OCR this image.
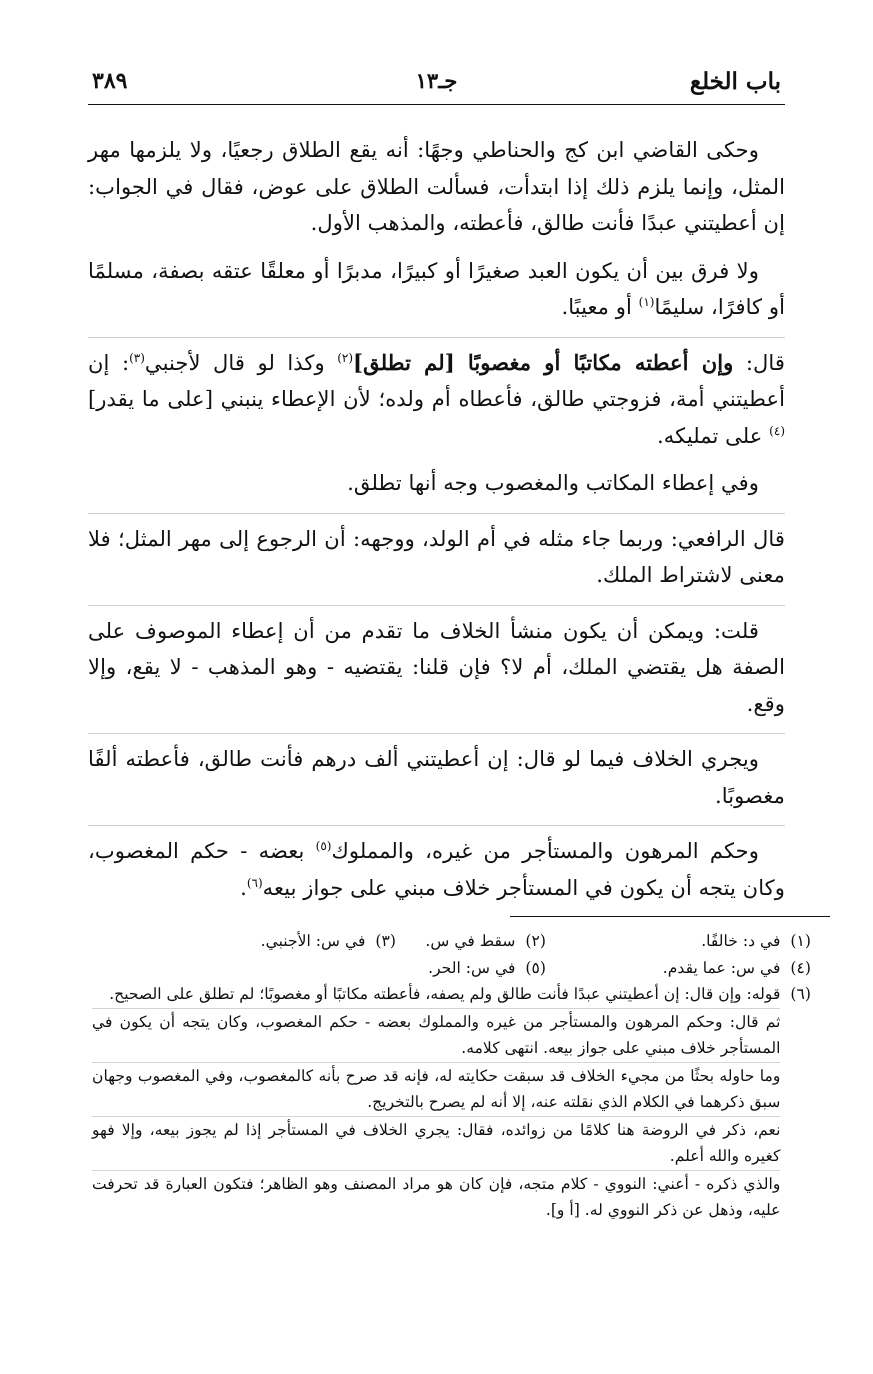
باب الخلع
جـ١٣
٣٨٩

وحكى القاضي ابن كج والحناطي وجهًا: أنه يقع الطلاق رجعيًا، ولا يلزمها مهر المثل، وإنما يلزم ذلك إذا ابتدأت، فسألت الطلاق على عوض، فقال في الجواب: إن أعطيتني عبدًا فأنت طالق، فأعطته، والمذهب الأول.

ولا فرق بين أن يكون العبد صغيرًا أو كبيرًا، مدبرًا أو معلقًا عتقه بصفة، مسلمًا أو كافرًا، سليمًا$^{(١)}$ أو معيبًا.

قال: وإن أعطته مكاتبًا أو مغصوبًا [لم تطلق]$^{(٢)}$ وكذا لو قال لأجنبي$^{(٣)}$: إن أعطيتني أمة، فزوجتي طالق، فأعطاه أم ولده؛ لأن الإعطاء ينبني [على ما يقدر]$^{(٤)}$ على تمليكه.

وفي إعطاء المكاتب والمغصوب وجه أنها تطلق.

قال الرافعي: وربما جاء مثله في أم الولد، ووجهه: أن الرجوع إلى مهر المثل؛ فلا معنى لاشتراط الملك.

قلت: ويمكن أن يكون منشأ الخلاف ما تقدم من أن إعطاء الموصوف على الصفة هل يقتضي الملك، أم لا؟ فإن قلنا: يقتضيه - وهو المذهب - لا يقع، وإلا وقع.

ويجري الخلاف فيما لو قال: إن أعطيتني ألف درهم فأنت طالق، فأعطته ألفًا مغصوبًا.

وحكم المرهون والمستأجر من غيره، والمملوك$^{(٥)}$ بعضه - حكم المغصوب، وكان يتجه أن يكون في المستأجر خلاف مبني على جواز بيعه$^{(٦)}$.

(١)  في د: خالفًا.
(٢)  سقط في س.
(٣)  في س: الأجنبي.
(٤)  في س: عما يقدم.
(٥)  في س: الحر.
(٦)

قوله: وإن قال: إن أعطيتني عبدًا فأنت طالق ولم يصفه، فأعطته مكاتبًا أو مغصوبًا؛ لم تطلق على الصحيح.

ثم قال: وحكم المرهون والمستأجر من غيره والمملوك بعضه - حكم المغصوب، وكان يتجه أن يكون في المستأجر خلاف مبني على جواز بيعه. انتهى كلامه.

وما حاوله بحثًا من مجيء الخلاف قد سبقت حكايته له، فإنه قد صرح بأنه كالمغصوب، وفي المغصوب وجهان سبق ذكرهما في الكلام الذي نقلته عنه، إلا أنه لم يصرح بالتخريج.

نعم، ذكر في الروضة هنا كلامًا من زوائده، فقال: يجري الخلاف في المستأجر إذا لم يجوز بيعه، وإلا فهو كغيره والله أعلم.

والذي ذكره - أعني: النووي - كلام متجه، فإن كان هو مراد المصنف وهو الظاهر؛ فتكون العبارة قد تحرفت عليه، وذهل عن ذكر النووي له. [أ و].
